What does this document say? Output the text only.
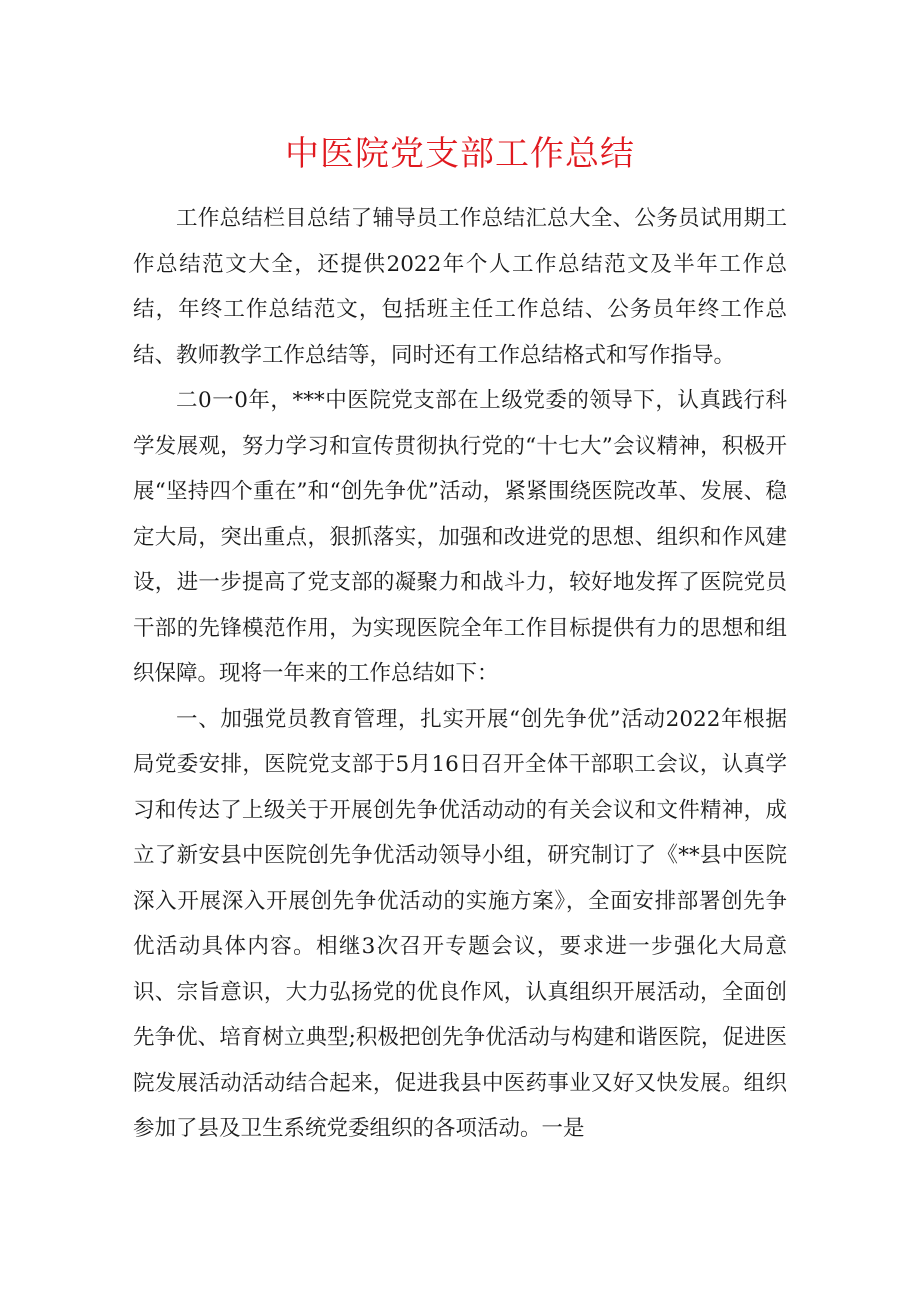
中医院党支部工作总结

工作总结栏目总结了辅导员工作总结汇总大全、公务员试用期工作总结范文大全，还提供2022年个人工作总结范文及半年工作总结，年终工作总结范文，包括班主任工作总结、公务员年终工作总结、教师教学工作总结等，同时还有工作总结格式和写作指导。

二0一0年，***中医院党支部在上级党委的领导下，认真践行科学发展观，努力学习和宣传贯彻执行党的“十七大”会议精神，积极开展“坚持四个重在”和“创先争优”活动，紧紧围绕医院改革、发展、稳定大局，突出重点，狠抓落实，加强和改进党的思想、组织和作风建设，进一步提高了党支部的凝聚力和战斗力，较好地发挥了医院党员干部的先锋模范作用，为实现医院全年工作目标提供有力的思想和组织保障。现将一年来的工作总结如下：

一、加强党员教育管理，扎实开展“创先争优”活动2022年根据局党委安排，医院党支部于5月16日召开全体干部职工会议，认真学习和传达了上级关于开展创先争优活动动的有关会议和文件精神，成立了新安县中医院创先争优活动领导小组，研究制订了《**县中医院深入开展深入开展创先争优活动的实施方案》，全面安排部署创先争优活动具体内容。相继3次召开专题会议，要求进一步强化大局意识、宗旨意识，大力弘扬党的优良作风，认真组织开展活动，全面创先争优、培育树立典型;积极把创先争优活动与构建和谐医院，促进医院发展活动活动结合起来，促进我县中医药事业又好又快发展。组织参加了县及卫生系统党委组织的各项活动。一是
